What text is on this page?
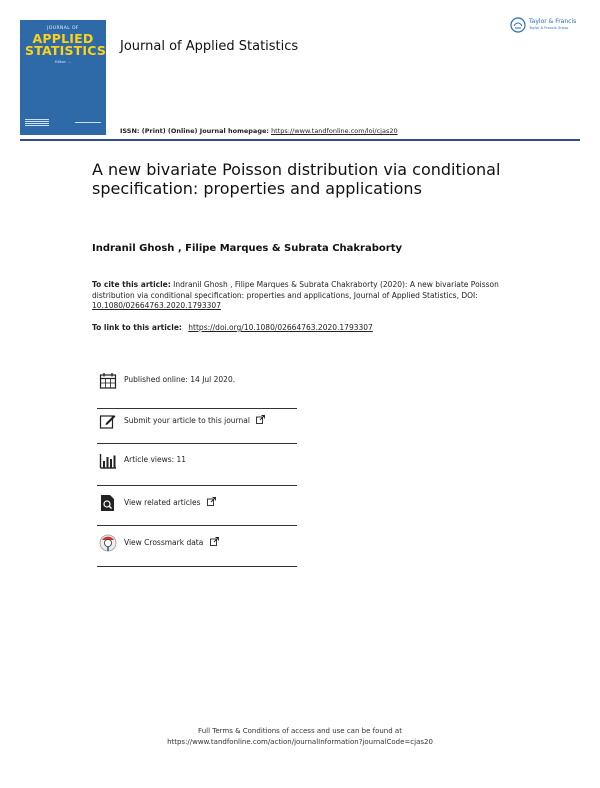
JOURNAL OF
APPLIED
STATISTICS
Editor: ...
Journal of Applied Statistics
Taylor & Francis
Taylor & Francis Group
ISSN: (Print) (Online) Journal homepage: https://www.tandfonline.com/loi/cjas20
A new bivariate Poisson distribution via conditional specification: properties and applications
Indranil Ghosh , Filipe Marques & Subrata Chakraborty
To cite this article: Indranil Ghosh , Filipe Marques & Subrata Chakraborty (2020): A new bivariate Poisson distribution via conditional specification: properties and applications, Journal of Applied Statistics, DOI: 10.1080/02664763.2020.1793307
To link to this article: https://doi.org/10.1080/02664763.2020.1793307
Published online: 14 Jul 2020.
Submit your article to this journal
Article views: 11
View related articles
View Crossmark data
Full Terms & Conditions of access and use can be found at
https://www.tandfonline.com/action/journalInformation?journalCode=cjas20
